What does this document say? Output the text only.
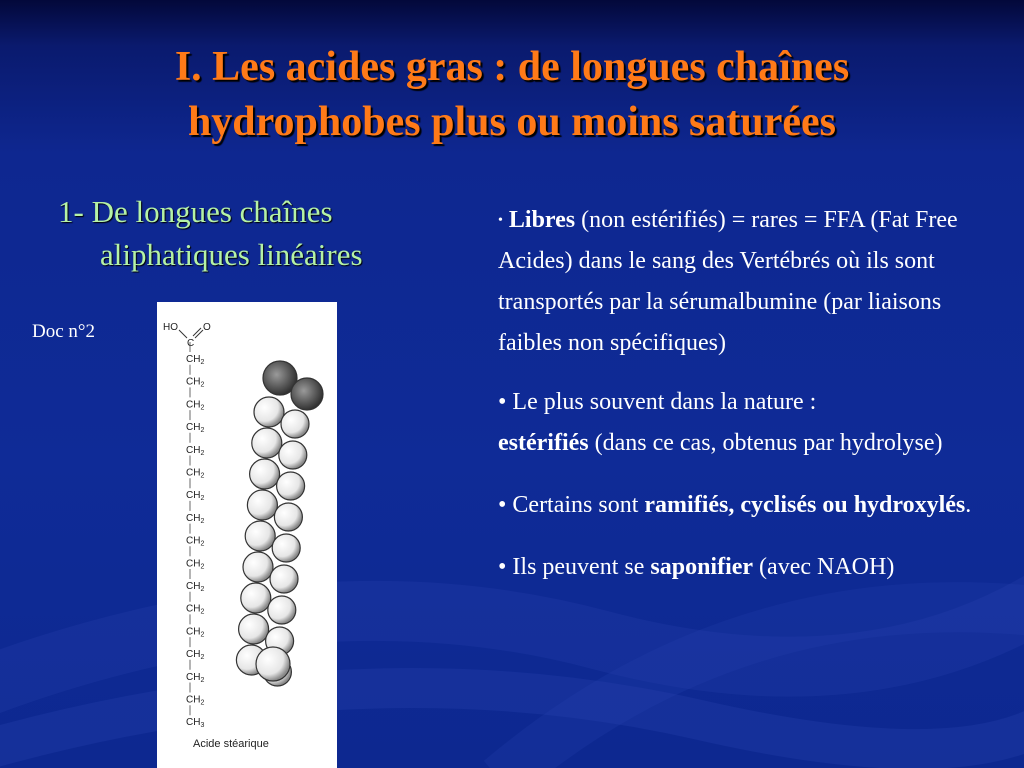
I. Les acides gras : de longues chaînes
hydrophobes plus ou moins saturées
1- De longues chaînes
aliphatiques linéaires
Doc n°2	HO	O
C
$CH_2$
$CH_2$
$CH_2$
$CH_2$
$CH_2$
$CH_2$
$CH_2$
$CH_2$
$CH_2$
$CH_2$
$CH_2$
$CH_2$
$CH_2$
$CH_2$
$CH_2$
$CH_2$
$CH_3$
Acide stéarique
• Libres (non estérifiés) = rares = FFA (Fat Free Acides) dans le sang des Vertébrés où ils sont transportés par la sérumalbumine (par liaisons faibles non spécifiques)
• Le plus souvent dans la nature :
estérifiés (dans ce cas, obtenus par hydrolyse)
• Certains sont ramifiés, cyclisés ou hydroxylés.
• Ils peuvent se saponifier (avec NAOH)
